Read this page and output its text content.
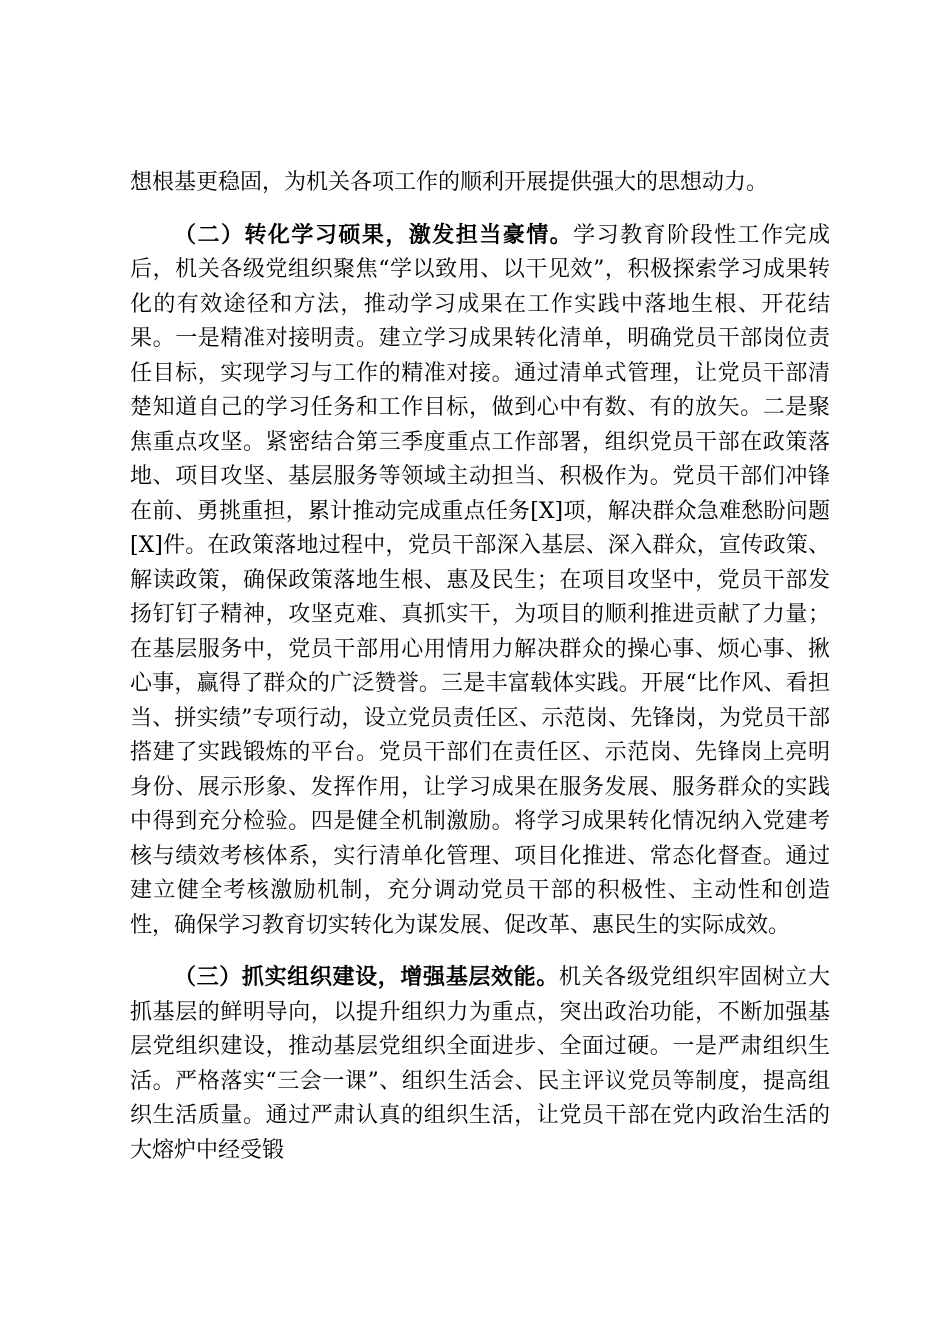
想根基更稳固，为机关各项工作的顺利开展提供强大的思想动力。

（二）转化学习硕果，激发担当豪情。学习教育阶段性工作完成后，机关各级党组织聚焦“学以致用、以干见效”，积极探索学习成果转化的有效途径和方法，推动学习成果在工作实践中落地生根、开花结果。一是精准对接明责。建立学习成果转化清单，明确党员干部岗位责任目标，实现学习与工作的精准对接。通过清单式管理，让党员干部清楚知道自己的学习任务和工作目标，做到心中有数、有的放矢。二是聚焦重点攻坚。紧密结合第三季度重点工作部署，组织党员干部在政策落地、项目攻坚、基层服务等领域主动担当、积极作为。党员干部们冲锋在前、勇挑重担，累计推动完成重点任务[X]项，解决群众急难愁盼问题[X]件。在政策落地过程中，党员干部深入基层、深入群众，宣传政策、解读政策，确保政策落地生根、惠及民生；在项目攻坚中，党员干部发扬钉钉子精神，攻坚克难、真抓实干，为项目的顺利推进贡献了力量；在基层服务中，党员干部用心用情用力解决群众的操心事、烦心事、揪心事，赢得了群众的广泛赞誉。三是丰富载体实践。开展“比作风、看担当、拼实绩”专项行动，设立党员责任区、示范岗、先锋岗，为党员干部搭建了实践锻炼的平台。党员干部们在责任区、示范岗、先锋岗上亮明身份、展示形象、发挥作用，让学习成果在服务发展、服务群众的实践中得到充分检验。四是健全机制激励。将学习成果转化情况纳入党建考核与绩效考核体系，实行清单化管理、项目化推进、常态化督查。通过建立健全考核激励机制，充分调动党员干部的积极性、主动性和创造性，确保学习教育切实转化为谋发展、促改革、惠民生的实际成效。

（三）抓实组织建设，增强基层效能。机关各级党组织牢固树立大抓基层的鲜明导向，以提升组织力为重点，突出政治功能，不断加强基层党组织建设，推动基层党组织全面进步、全面过硬。一是严肃组织生活。严格落实“三会一课”、组织生活会、民主评议党员等制度，提高组织生活质量。通过严肃认真的组织生活，让党员干部在党内政治生活的大熔炉中经受锻
